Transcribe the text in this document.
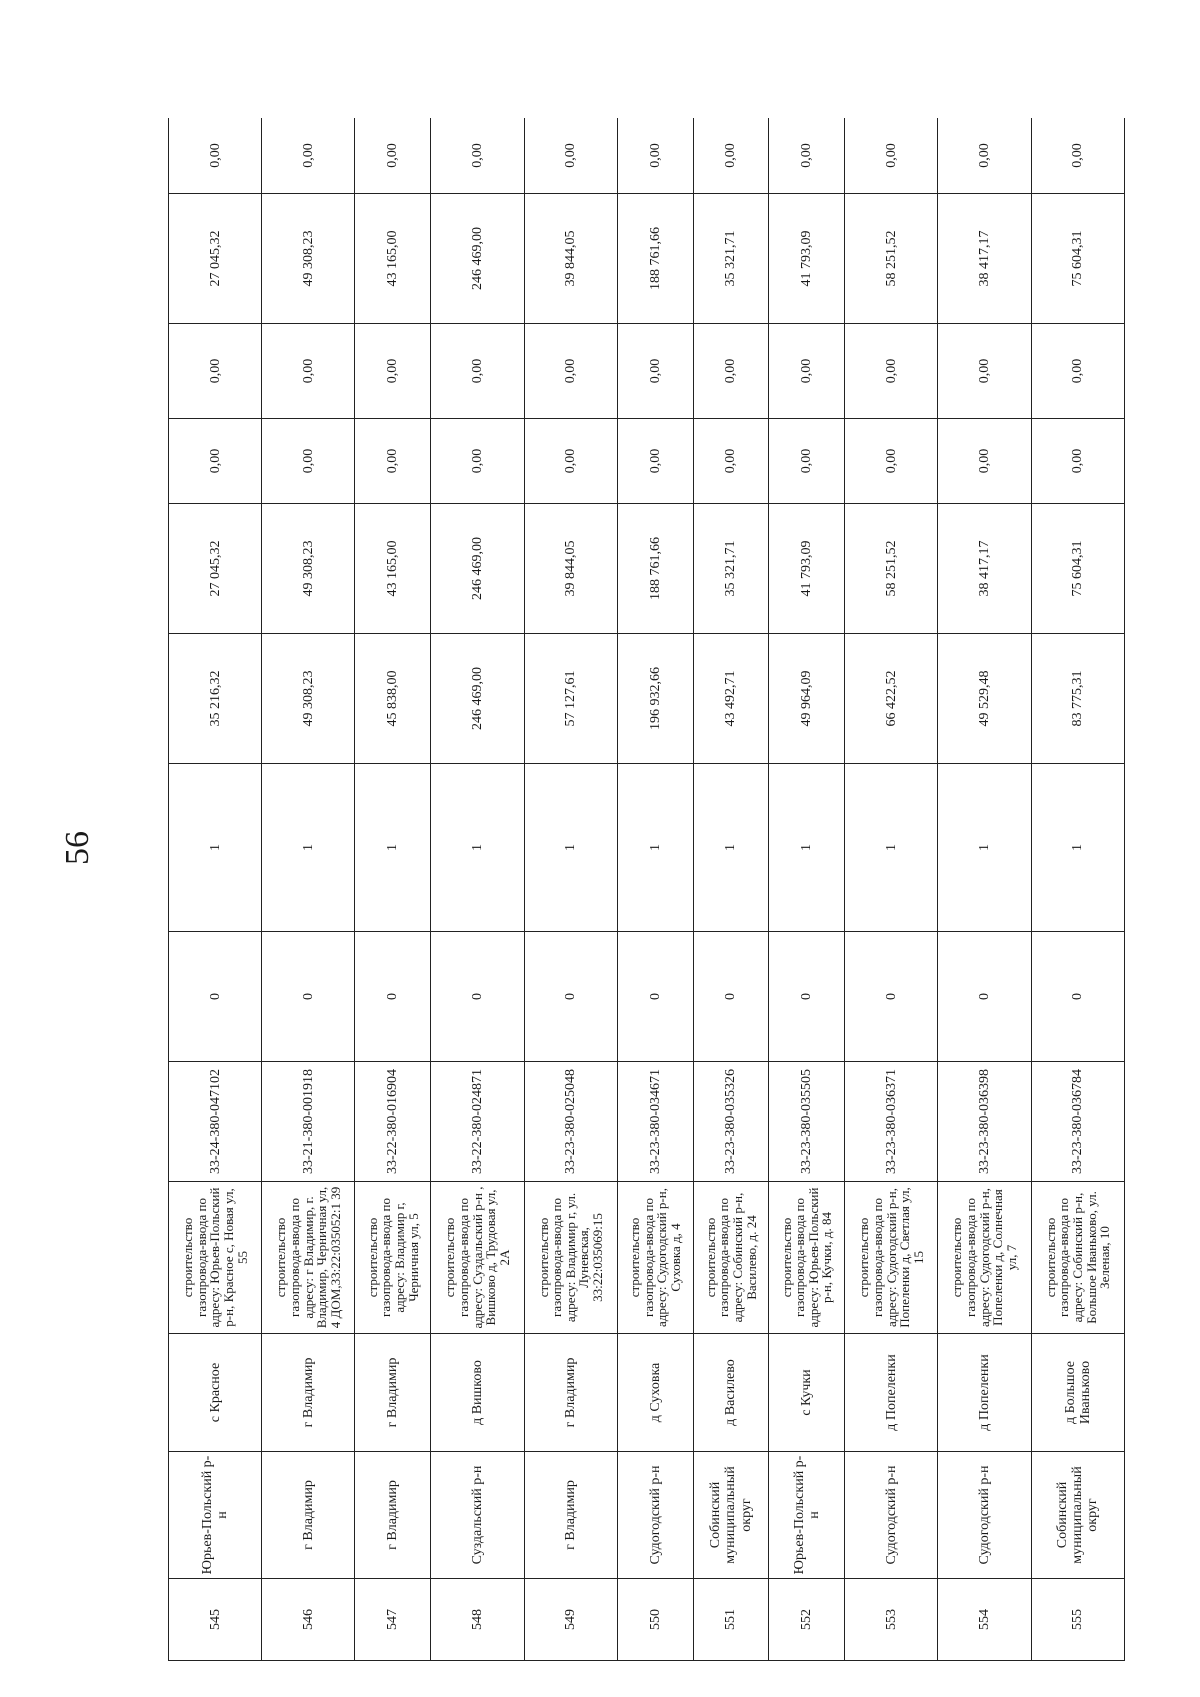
56
545	Юрьев-Польский р-н	с Красное	строительство газопровода-ввода по адресу: Юрьев-Польский р-н, Красное с, Новая ул, 55	33-24-380-047102	0	1	35 216,32	27 045,32	0,00	0,00	27 045,32	0,00
546	г Владимир	г Владимир	строительство газопровода-ввода по адресу: г Владимир, г. Владимир, Черничная ул, 4 ДОМ,33:22:035052:1 39	33-21-380-001918	0	1	49 308,23	49 308,23	0,00	0,00	49 308,23	0,00
547	г Владимир	г Владимир	строительство газопровода-ввода по адресу: Владимир г, Черничная ул, 5	33-22-380-016904	0	1	45 838,00	43 165,00	0,00	0,00	43 165,00	0,00
548	Суздальский р-н	д Вишково	строительство газопровода-ввода по адресу: Суздальский р-н , Вишково д, Трудовая ул, 2А	33-22-380-024871	0	1	246 469,00	246 469,00	0,00	0,00	246 469,00	0,00
549	г Владимир	г Владимир	строительство газопровода-ввода по адресу: Владимир г, ул. Луневская, 33:22:035069:15	33-23-380-025048	0	1	57 127,61	39 844,05	0,00	0,00	39 844,05	0,00
550	Судогодский р-н	д Суховка	строительство газопровода-ввода по адресу: Судогодский р-н, Суховка д, 4	33-23-380-034671	0	1	196 932,66	188 761,66	0,00	0,00	188 761,66	0,00
551	Собинский муниципальный округ	д Василево	строительство газопровода-ввода по адресу: Собинский р-н, Василево, д. 24	33-23-380-035326	0	1	43 492,71	35 321,71	0,00	0,00	35 321,71	0,00
552	Юрьев-Польский р-н	с Кучки	строительство газопровода-ввода по адресу: Юрьев-Польский р-н, Кучки, д. 84	33-23-380-035505	0	1	49 964,09	41 793,09	0,00	0,00	41 793,09	0,00
553	Судогодский р-н	д Попеленки	строительство газопровода-ввода по адресу: Судогодский р-н, Попеленки д, Светлая ул, 15	33-23-380-036371	0	1	66 422,52	58 251,52	0,00	0,00	58 251,52	0,00
554	Судогодский р-н	д Попеленки	строительство газопровода-ввода по адресу: Судогодский р-н, Попеленки д, Солнечная ул, 7	33-23-380-036398	0	1	49 529,48	38 417,17	0,00	0,00	38 417,17	0,00
555	Собинский муниципальный округ	д Большое Иваньково	строительство газопровода-ввода по адресу: Собинский р-н, Большое Иваньково, ул. Зеленая, 10	33-23-380-036784	0	1	83 775,31	75 604,31	0,00	0,00	75 604,31	0,00
